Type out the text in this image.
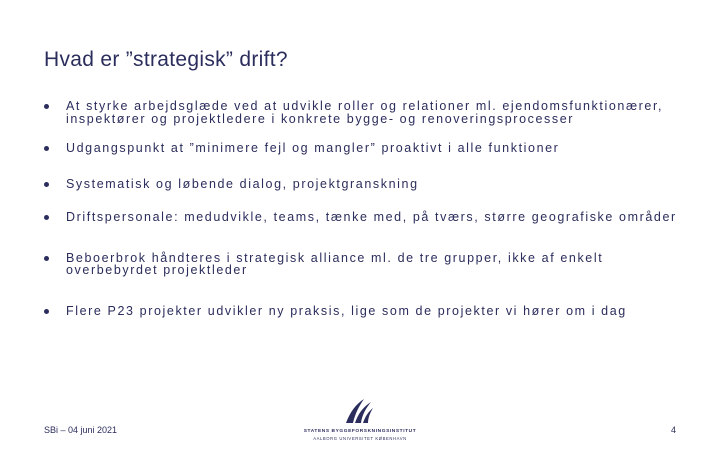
Hvad er ”strategisk” drift?
At styrke arbejdsglæde ved at udvikle roller og relationer ml. ejendomsfunktionærer, inspektører og projektledere i konkrete bygge- og renoveringsprocesser
Udgangspunkt at ”minimere fejl og mangler” proaktivt i alle funktioner
Systematisk og løbende dialog, projektgranskning
Driftspersonale: medudvikle, teams, tænke med, på tværs, større geografiske områder
Beboerbrok håndteres i strategisk alliance ml. de tre grupper, ikke af enkelt overbebyrdet projektleder
Flere P23 projekter udvikler ny praksis, lige som de projekter vi hører om i dag
SBi – 04 juni 2021	STATENS BYGGEFORSKNINGSINSTITUT
AALBORG UNIVERSITET KØBENHAVN
4
